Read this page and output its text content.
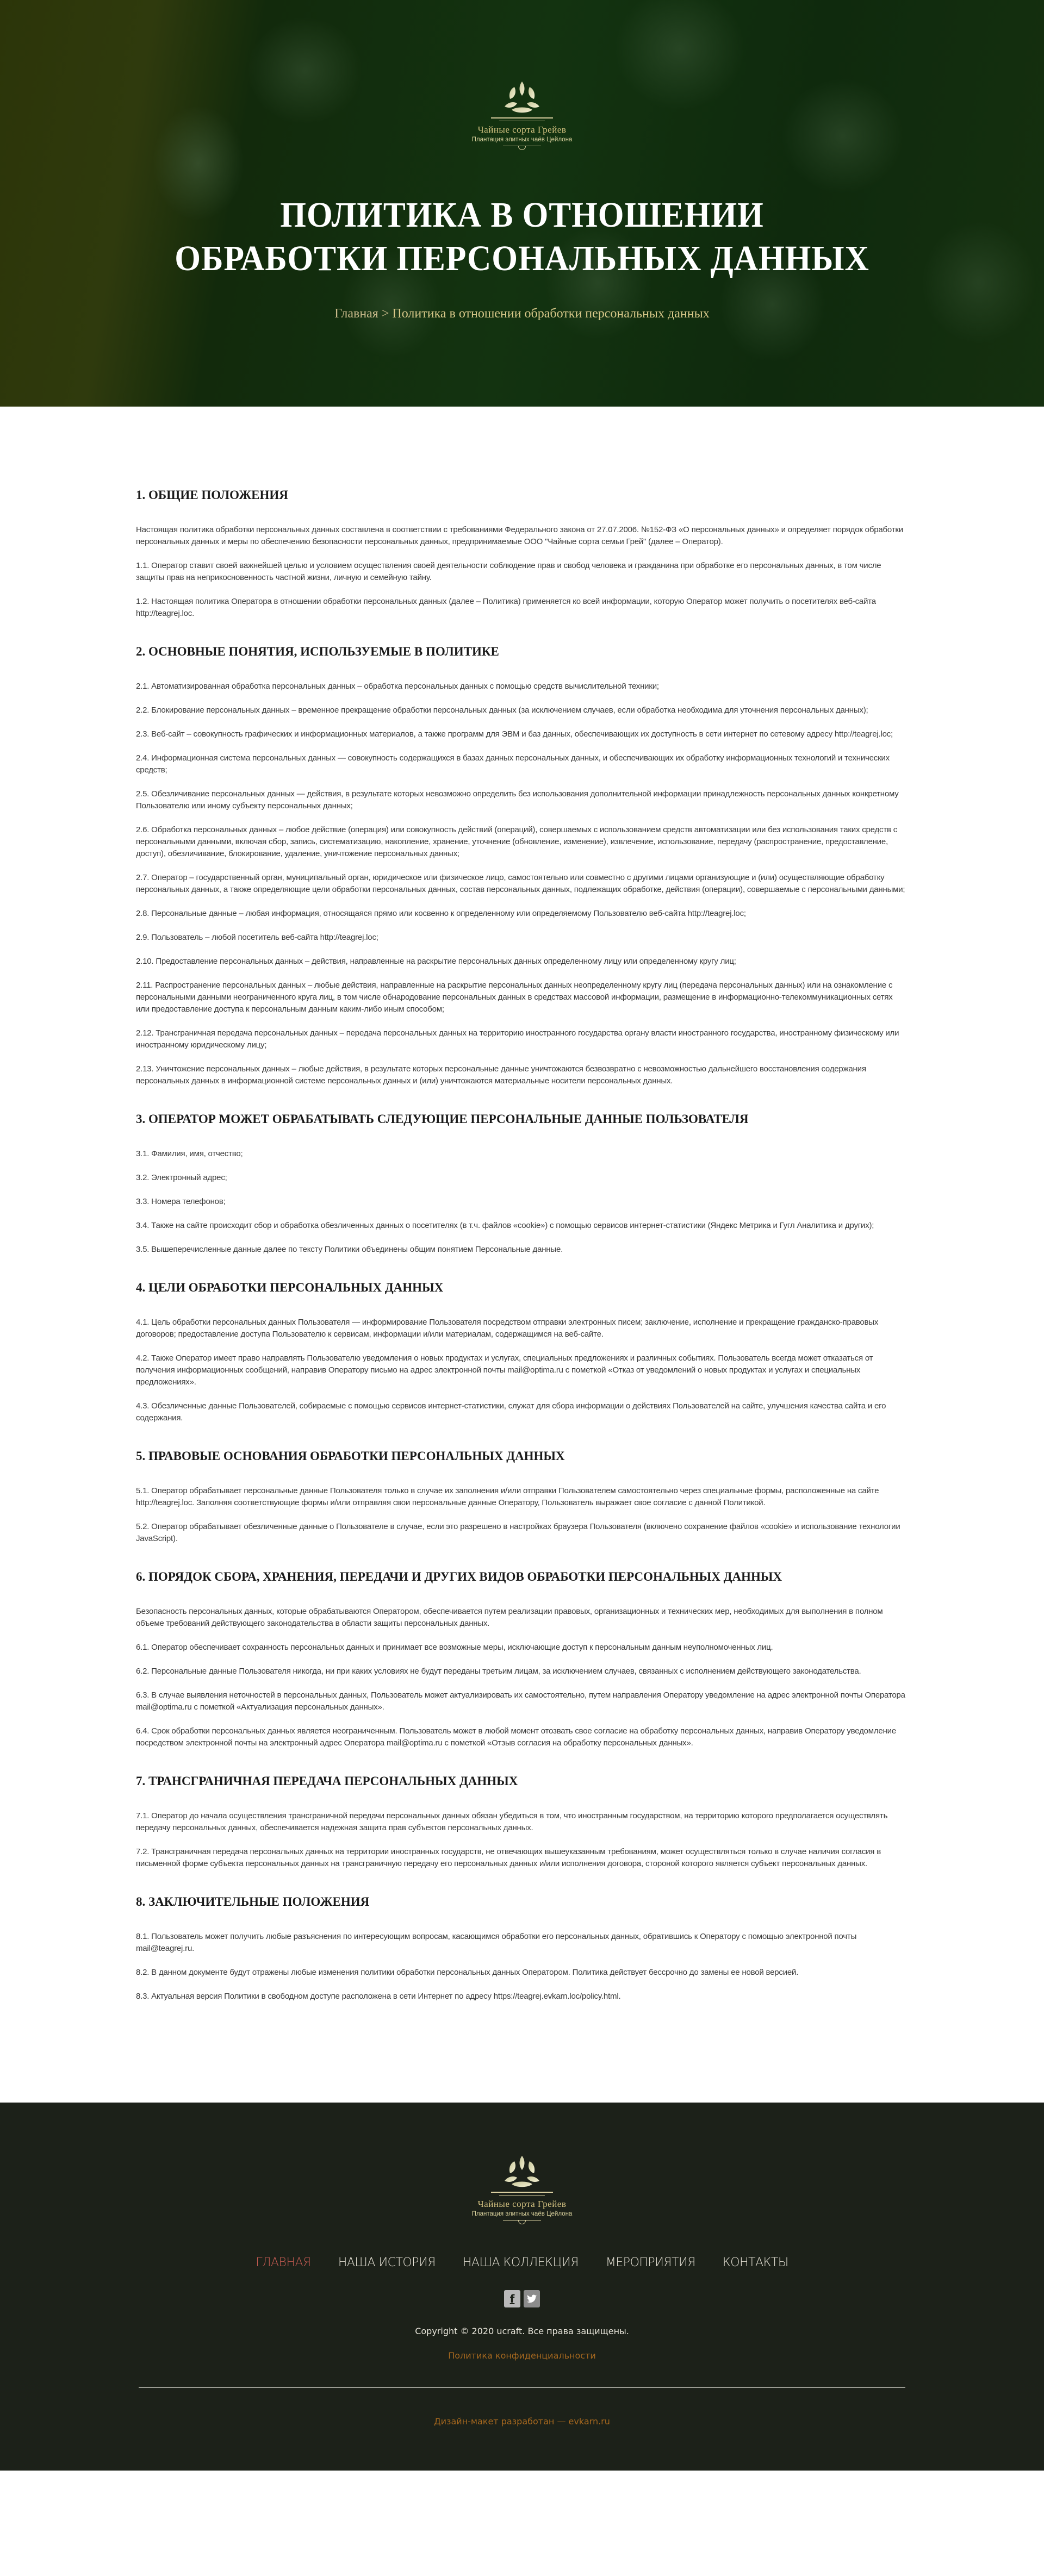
Чайные сорта Грейев
Плантация элитных чаёв Цейлона
ПОЛИТИКА В ОТНОШЕНИИ
ОБРАБОТКИ ПЕРСОНАЛЬНЫХ ДАННЫХ
Главная > Политика в отношении обработки персональных данных
1. ОБЩИЕ ПОЛОЖЕНИЯ

Настоящая политика обработки персональных данных составлена в соответствии с требованиями Федерального закона от 27.07.2006. №152-ФЗ «О персональных данных» и определяет порядок обработки персональных данных и меры по обеспечению безопасности персональных данных, предпринимаемые ООО "Чайные сорта семьи Грей" (далее – Оператор).

1.1. Оператор ставит своей важнейшей целью и условием осуществления своей деятельности соблюдение прав и свобод человека и гражданина при обработке его персональных данных, в том числе защиты прав на неприкосновенность частной жизни, личную и семейную тайну.

1.2. Настоящая политика Оператора в отношении обработки персональных данных (далее – Политика) применяется ко всей информации, которую Оператор может получить о посетителях веб-сайта http://teagrej.loc.

2. ОСНОВНЫЕ ПОНЯТИЯ, ИСПОЛЬЗУЕМЫЕ В ПОЛИТИКЕ

2.1. Автоматизированная обработка персональных данных – обработка персональных данных с помощью средств вычислительной техники;

2.2. Блокирование персональных данных – временное прекращение обработки персональных данных (за исключением случаев, если обработка необходима для уточнения персональных данных);

2.3. Веб-сайт – совокупность графических и информационных материалов, а также программ для ЭВМ и баз данных, обеспечивающих их доступность в сети интернет по сетевому адресу http://teagrej.loc;

2.4. Информационная система персональных данных — совокупность содержащихся в базах данных персональных данных, и обеспечивающих их обработку информационных технологий и технических средств;

2.5. Обезличивание персональных данных — действия, в результате которых невозможно определить без использования дополнительной информации принадлежность персональных данных конкретному Пользователю или иному субъекту персональных данных;

2.6. Обработка персональных данных – любое действие (операция) или совокупность действий (операций), совершаемых с использованием средств автоматизации или без использования таких средств с персональными данными, включая сбор, запись, систематизацию, накопление, хранение, уточнение (обновление, изменение), извлечение, использование, передачу (распространение, предоставление, доступ), обезличивание, блокирование, удаление, уничтожение персональных данных;

2.7. Оператор – государственный орган, муниципальный орган, юридическое или физическое лицо, самостоятельно или совместно с другими лицами организующие и (или) осуществляющие обработку персональных данных, а также определяющие цели обработки персональных данных, состав персональных данных, подлежащих обработке, действия (операции), совершаемые с персональными данными;

2.8. Персональные данные – любая информация, относящаяся прямо или косвенно к определенному или определяемому Пользователю веб-сайта http://teagrej.loc;

2.9. Пользователь – любой посетитель веб-сайта http://teagrej.loc;

2.10. Предоставление персональных данных – действия, направленные на раскрытие персональных данных определенному лицу или определенному кругу лиц;

2.11. Распространение персональных данных – любые действия, направленные на раскрытие персональных данных неопределенному кругу лиц (передача персональных данных) или на ознакомление с персональными данными неограниченного круга лиц, в том числе обнародование персональных данных в средствах массовой информации, размещение в информационно-телекоммуникационных сетях или предоставление доступа к персональным данным каким-либо иным способом;

2.12. Трансграничная передача персональных данных – передача персональных данных на территорию иностранного государства органу власти иностранного государства, иностранному физическому или иностранному юридическому лицу;

2.13. Уничтожение персональных данных – любые действия, в результате которых персональные данные уничтожаются безвозвратно с невозможностью дальнейшего восстановления содержания персональных данных в информационной системе персональных данных и (или) уничтожаются материальные носители персональных данных.

3. ОПЕРАТОР МОЖЕТ ОБРАБАТЫВАТЬ СЛЕДУЮЩИЕ ПЕРСОНАЛЬНЫЕ ДАННЫЕ ПОЛЬЗОВАТЕЛЯ

3.1. Фамилия, имя, отчество;

3.2. Электронный адрес;

3.3. Номера телефонов;

3.4. Также на сайте происходит сбор и обработка обезличенных данных о посетителях (в т.ч. файлов «cookie») с помощью сервисов интернет-статистики (Яндекс Метрика и Гугл Аналитика и других);

3.5. Вышеперечисленные данные далее по тексту Политики объединены общим понятием Персональные данные.

4. ЦЕЛИ ОБРАБОТКИ ПЕРСОНАЛЬНЫХ ДАННЫХ

4.1. Цель обработки персональных данных Пользователя — информирование Пользователя посредством отправки электронных писем; заключение, исполнение и прекращение гражданско-правовых договоров; предоставление доступа Пользователю к сервисам, информации и/или материалам, содержащимся на веб-сайте.

4.2. Также Оператор имеет право направлять Пользователю уведомления о новых продуктах и услугах, специальных предложениях и различных событиях. Пользователь всегда может отказаться от получения информационных сообщений, направив Оператору письмо на адрес электронной почты mail@optima.ru с пометкой «Отказ от уведомлений о новых продуктах и услугах и специальных предложениях».

4.3. Обезличенные данные Пользователей, собираемые с помощью сервисов интернет-статистики, служат для сбора информации о действиях Пользователей на сайте, улучшения качества сайта и его содержания.

5. ПРАВОВЫЕ ОСНОВАНИЯ ОБРАБОТКИ ПЕРСОНАЛЬНЫХ ДАННЫХ

5.1. Оператор обрабатывает персональные данные Пользователя только в случае их заполнения и/или отправки Пользователем самостоятельно через специальные формы, расположенные на сайте http://teagrej.loc. Заполняя соответствующие формы и/или отправляя свои персональные данные Оператору, Пользователь выражает свое согласие с данной Политикой.

5.2. Оператор обрабатывает обезличенные данные о Пользователе в случае, если это разрешено в настройках браузера Пользователя (включено сохранение файлов «cookie» и использование технологии JavaScript).

6. ПОРЯДОК СБОРА, ХРАНЕНИЯ, ПЕРЕДАЧИ И ДРУГИХ ВИДОВ ОБРАБОТКИ ПЕРСОНАЛЬНЫХ ДАННЫХ

Безопасность персональных данных, которые обрабатываются Оператором, обеспечивается путем реализации правовых, организационных и технических мер, необходимых для выполнения в полном объеме требований действующего законодательства в области защиты персональных данных.

6.1. Оператор обеспечивает сохранность персональных данных и принимает все возможные меры, исключающие доступ к персональным данным неуполномоченных лиц.

6.2. Персональные данные Пользователя никогда, ни при каких условиях не будут переданы третьим лицам, за исключением случаев, связанных с исполнением действующего законодательства.

6.3. В случае выявления неточностей в персональных данных, Пользователь может актуализировать их самостоятельно, путем направления Оператору уведомление на адрес электронной почты Оператора mail@optima.ru с пометкой «Актуализация персональных данных».

6.4. Срок обработки персональных данных является неограниченным. Пользователь может в любой момент отозвать свое согласие на обработку персональных данных, направив Оператору уведомление посредством электронной почты на электронный адрес Оператора mail@optima.ru с пометкой «Отзыв согласия на обработку персональных данных».

7. ТРАНСГРАНИЧНАЯ ПЕРЕДАЧА ПЕРСОНАЛЬНЫХ ДАННЫХ

7.1. Оператор до начала осуществления трансграничной передачи персональных данных обязан убедиться в том, что иностранным государством, на территорию которого предполагается осуществлять передачу персональных данных, обеспечивается надежная защита прав субъектов персональных данных.

7.2. Трансграничная передача персональных данных на территории иностранных государств, не отвечающих вышеуказанным требованиям, может осуществляться только в случае наличия согласия в письменной форме субъекта персональных данных на трансграничную передачу его персональных данных и/или исполнения договора, стороной которого является субъект персональных данных.

8. ЗАКЛЮЧИТЕЛЬНЫЕ ПОЛОЖЕНИЯ

8.1. Пользователь может получить любые разъяснения по интересующим вопросам, касающимся обработки его персональных данных, обратившись к Оператору с помощью электронной почты mail@teagrej.ru.

8.2. В данном документе будут отражены любые изменения политики обработки персональных данных Оператором. Политика действует бессрочно до замены ее новой версией.

8.3. Актуальная версия Политики в свободном доступе расположена в сети Интернет по адресу https://teagrej.evkarn.loc/policy.html.

Чайные сорта Грейев
Плантация элитных чаёв Цейлона
ГЛАВНАЯ НАША ИСТОРИЯ НАША КОЛЛЕКЦИЯ МЕРОПРИЯТИЯ КОНТАКТЫ
f
Copyright © 2020 ucraft. Все права защищены.
Политика конфиденциальности
Дизайн-макет разработан — evkarn.ru
